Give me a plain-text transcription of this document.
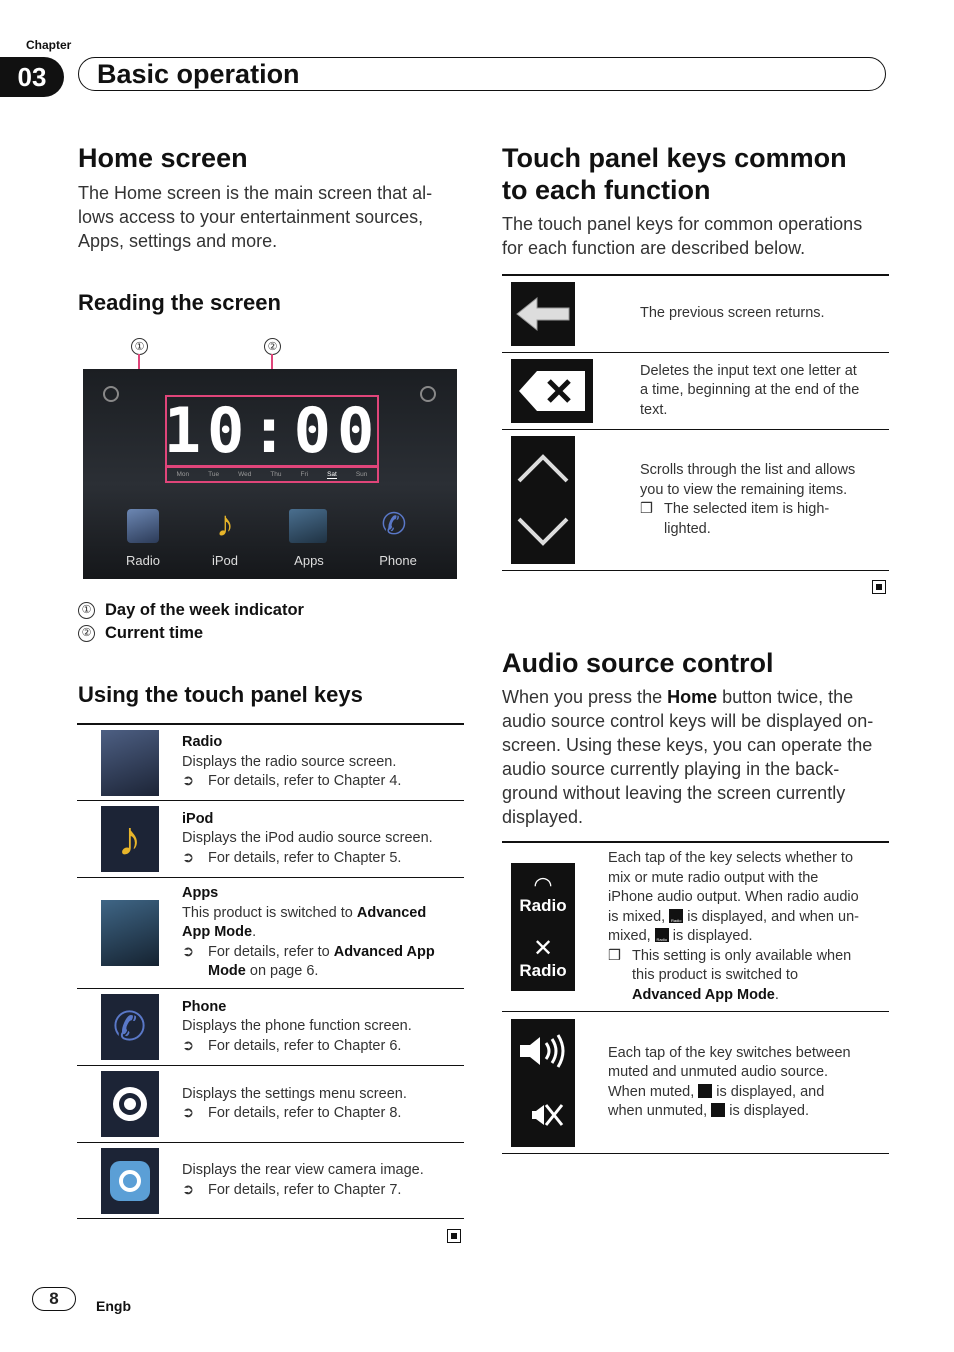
Chapter
03	Basic operation
Home screen
The Home screen is the main screen that al-
lows access to your entertainment sources,
Apps, settings and more.
Reading the screen
①	②
10:00
Mon	Tue	Wed	Thu	Fri	Sat	Sun
Radio
♪
iPod	Apps
✆
Phone
① Day of the week indicator
② Current time
Using the touch panel keys
Radio
Displays the radio source screen.
➲ For details, refer to Chapter 4.
♪	iPod
Displays the iPod audio source screen.
➲ For details, refer to Chapter 5.
Apps
This product is switched to Advanced
App Mode.
➲ For details, refer to Advanced App
Mode on page 6.
✆	Phone
Displays the phone function screen.
➲ For details, refer to Chapter 6.
Displays the settings menu screen.
➲ For details, refer to Chapter 8.
Displays the rear view camera image.
➲ For details, refer to Chapter 7.
Touch panel keys common
to each function
The touch panel keys for common operations
for each function are described below.
The previous screen returns.
Deletes the input text one letter at
a time, beginning at the end of the
text.
Scrolls through the list and allows
you to view the remaining items.
❒ The selected item is high-
lighted.
Audio source control
When you press the Home button twice, the
audio source control keys will be displayed on-
screen. Using these keys, you can operate the
audio source currently playing in the back-
ground without leaving the screen currently
displayed.
◠
Radio
✕
Radio
Each tap of the key selects whether to
mix or mute radio output with the
iPhone audio output. When radio audio
is mixed, Radio is displayed, and when un-
mixed, Radio is displayed.
❒ This setting is only available when
this product is switched to
Advanced App Mode.
Each tap of the key switches between
muted and unmuted audio source.
When muted,  is displayed, and
when unmuted,  is displayed.
8	Engb
